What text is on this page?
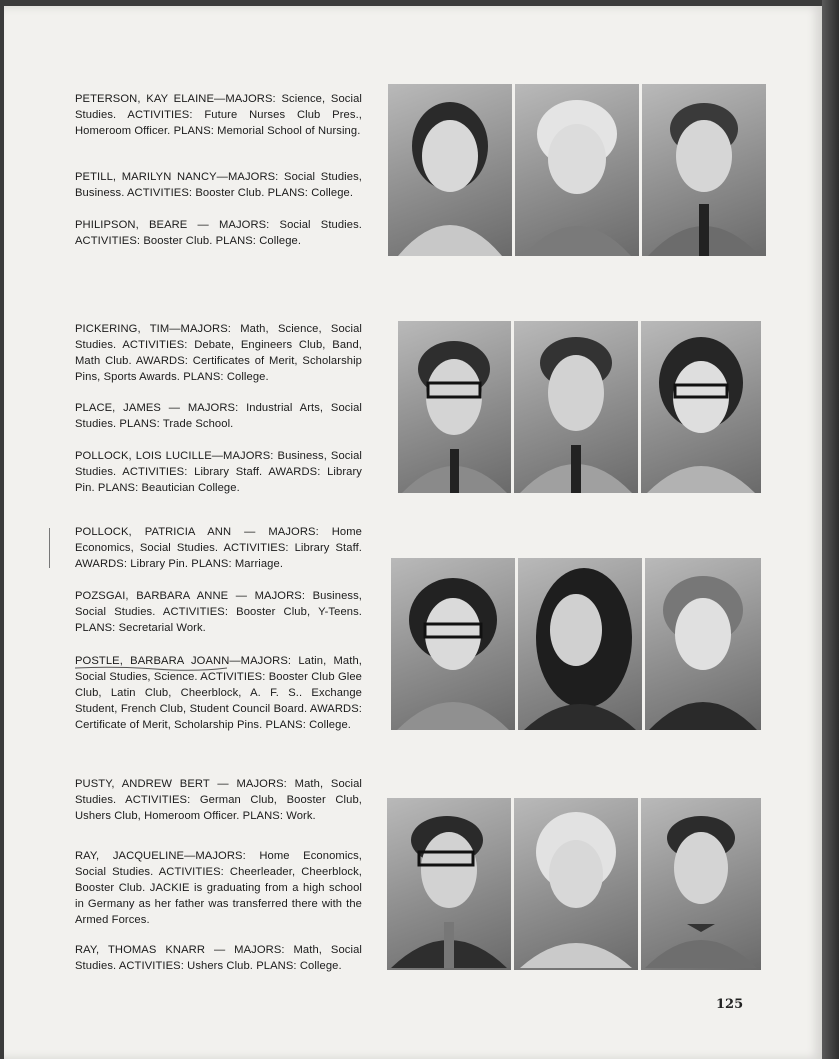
PETERSON, KAY ELAINE—MAJORS: Science, Social Studies. ACTIVITIES: Future Nurses Club Pres., Homeroom Officer. PLANS: Memorial School of Nursing.
PETILL, MARILYN NANCY—MAJORS: Social Studies, Business. ACTIVITIES: Booster Club. PLANS: College.
PHILIPSON, BEARE — MAJORS: Social Studies. ACTIVITIES: Booster Club. PLANS: College.
PICKERING, TIM—MAJORS: Math, Science, Social Studies. ACTIVITIES: Debate, Engineers Club, Band, Math Club. AWARDS: Certificates of Merit, Scholarship Pins, Sports Awards. PLANS: College.
PLACE, JAMES — MAJORS: Industrial Arts, Social Studies. PLANS: Trade School.
POLLOCK, LOIS LUCILLE—MAJORS: Business, Social Studies. ACTIVITIES: Library Staff. AWARDS: Library Pin. PLANS: Beautician College.
POLLOCK, PATRICIA ANN — MAJORS: Home Economics, Social Studies. ACTIVITIES: Library Staff. AWARDS: Library Pin. PLANS: Marriage.
POZSGAI, BARBARA ANNE — MAJORS: Business, Social Studies. ACTIVITIES: Booster Club, Y-Teens. PLANS: Secretarial Work.
POSTLE, BARBARA JOANN—MAJORS: Latin, Math, Social Studies, Science. ACTIVITIES: Booster Club Glee Club, Latin Club, Cheerblock, A. F. S.. Exchange Student, French Club, Student Council Board. AWARDS: Certificate of Merit, Scholarship Pins. PLANS: College.
PUSTY, ANDREW BERT — MAJORS: Math, Social Studies. ACTIVITIES: German Club, Booster Club, Ushers Club, Homeroom Officer. PLANS: Work.
RAY, JACQUELINE—MAJORS: Home Economics, Social Studies. ACTIVITIES: Cheerleader, Cheerblock, Booster Club. JACKIE is graduating from a high school in Germany as her father was transferred there with the Armed Forces.
RAY, THOMAS KNARR — MAJORS: Math, Social Studies. ACTIVITIES: Ushers Club. PLANS: College.
125
